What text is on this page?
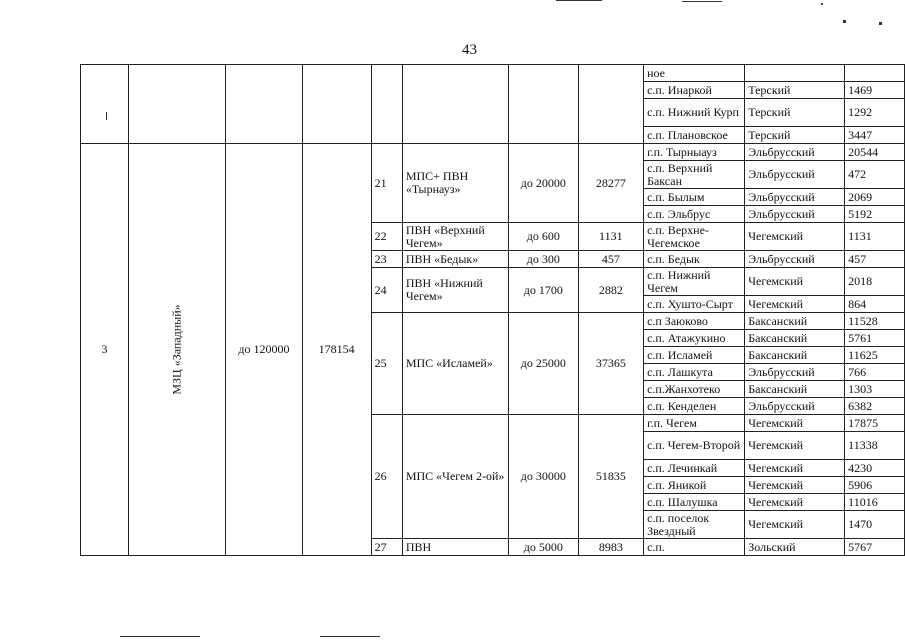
43
								ное		
								с.п. Инаркой	Терский	1469
								с.п. Нижний Курп	Терский	1292
								с.п. Плановское	Терский	3447
3	МЗЦ «Западный»	до 120000	178154	21	МПС+ ПВН «Тырнауз»	до 20000	28277	г.п. Тырныауз	Эльбрусский	20544
								с.п. Верхний Баксан	Эльбрусский	472
								с.п. Былым	Эльбрусский	2069
								с.п. Эльбрус	Эльбрусский	5192
				22	ПВН «Верхний Чегем»	до 600	1131	с.п. Верхне-Чегемское	Чегемский	1131
				23	ПВН «Бедык»	до 300	457	с.п. Бедык	Эльбрусский	457
				24	ПВН «Нижний Чегем»	до 1700	2882	с.п. Нижний Чегем	Чегемский	2018
								с.п. Хушто-Сырт	Чегемский	864
				25	МПС «Исламей»	до 25000	37365	с.п Заюково	Баксанский	11528
								с.п. Атажукино	Баксанский	5761
								с.п. Исламей	Баксанский	11625
								с.п. Лашкута	Эльбрусский	766
								с.п.Жанхотеко	Баксанский	1303
								с.п. Кенделен	Эльбрусский	6382
				26	МПС «Чегем 2-ой»	до 30000	51835	г.п. Чегем	Чегемский	17875
								с.п. Чегем-Второй	Чегемский	11338
								с.п. Лечинкай	Чегемский	4230
								с.п. Яникой	Чегемский	5906
								с.п. Шалушка	Чегемский	11016
								с.п. поселок Звездный	Чегемский	1470
				27	ПВН	до 5000	8983	с.п.	Зольский	5767
